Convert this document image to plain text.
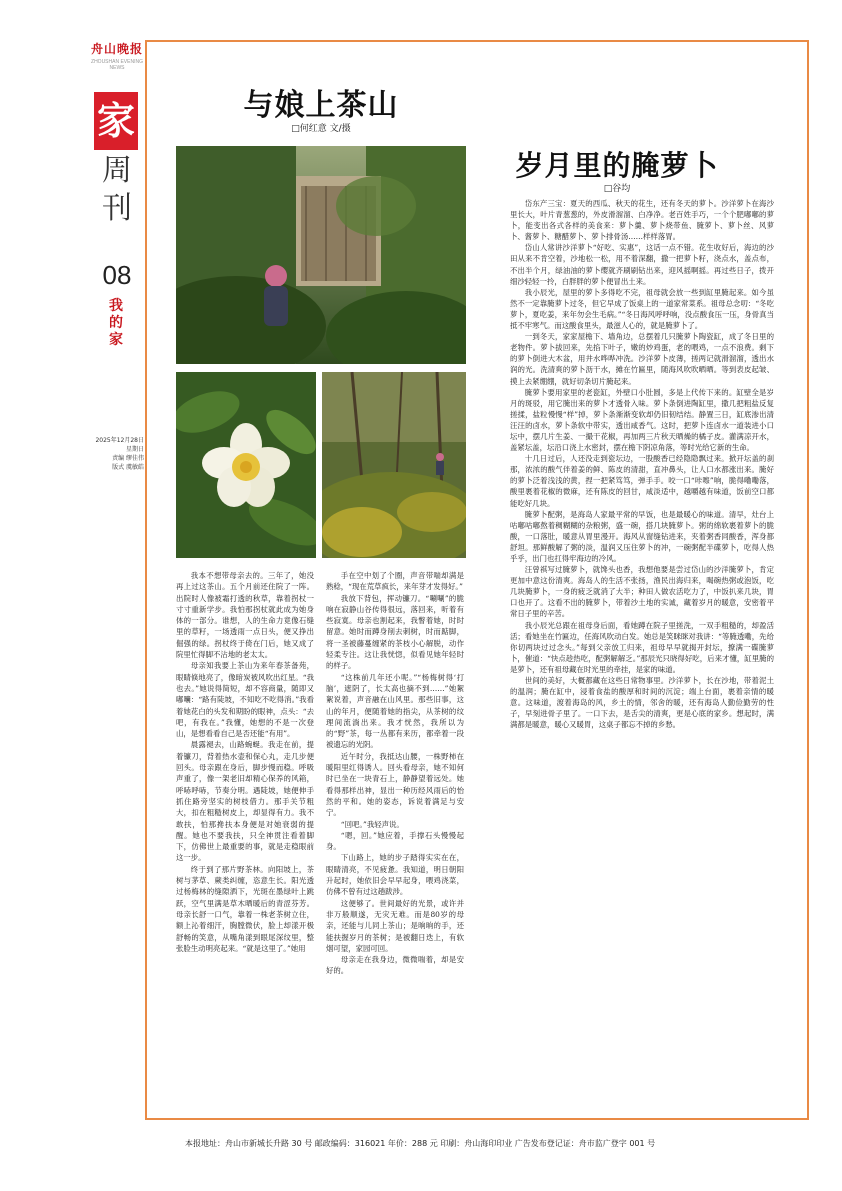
舟山晚报
ZHOUSHAN EVENING NEWS
家
周
刊
08
我
的
家
2025年12月28日
星期日
责编 缪佳伟
版式 虞敏皓
与娘上茶山
□何红意 文/摄

我本不想带母亲去的。三年了，她没再上过这茶山。五个月前还住院了一阵。出院时人像被霜打透的秋草，靠着拐杖一寸寸重新学步。我怕那拐杖就此成为她身体的一部分。谁想，人的生命力竟像石缝里的草籽，一场透雨一点日头，便又挣出倔强的绿。拐杖终于倚在门后，她又成了院里忙得脚不沾地的老太太。

母亲知我要上茶山为来年春茶备苑，眼睛倏地亮了，像暗炭被风吹出红星。“我也去。”她说得简短，却不容商量，随即又嘟囔：“路有陡坡，不知吃不吃得消。”我看着她花白的头发和期盼的眼神，点头：“去吧，有我在。”我懂，她想的不是一次登山，是想看看自己是否还能“有用”。

晨露褪去，山路蜿蜒。我走在前，提着镰刀，背着热水壶和保心丸，走几步便回头。母亲跟在身后，脚步慢而稳。呼吸声重了，像一架老旧却精心保养的风箱，呼哧呼哧，节奏分明。遇陡坡，她便伸手抓住路旁坚实的树枝借力。那手关节粗大，扣在粗糙树皮上，却显得有力。我不敢扶，怕那搀扶本身便是对她衰弱的提醒。她也不要我扶，只全神贯注看着脚下，仿佛世上最重要的事，就是走稳眼前这一步。

终于到了那片野茶林。向阳坡上，茶树与茅草、蕨类纠缠，恣意生长。阳光透过杨梅林的缝隙洒下，光斑在墨绿叶上跳跃，空气里满是草木晒暖后的青涩芬芳。母亲长舒一口气，靠着一株老茶树立住，额上沁着细汗，胸膛微伏，脸上却漾开极舒畅的笑意，从嘴角漾到眼尾深纹里，整张脸生动明亮起来。“就是这里了。”她用

手在空中划了个圈，声音带喘却满是熟稔，“现在荒草疯长，来年芽才发得好。”

我放下背包，挥动镰刀。“唰唰”的脆响在寂静山谷传得很远，落回来，听着有些寂寞。母亲也割起来，我瞥着她，时时留意。她时而蹲身削去刺树，时而踮脚，将一圣被藤蔓缠紧的茶枝小心解脱，动作轻柔专注。这让我恍惚，似看见她年轻时的样子。

“这株前几年还小呢。”“杨梅树得‘打脑’，遮阴了，长太高也摘不到……”她絮絮说着，声音融在山风里。那些旧事，这山的年月，便随着她的指尖，从茶树的纹理间流淌出来。我才恍然，我所以为的“野”茶，每一丛都有来历，都牵着一段被遗忘的光阴。

近午时分，我抵达山腰，一株野柿在暖阳里红得诱人。回头看母亲，她不知何时已坐在一块青石上，静静望着远处。她看得那样出神，显出一种历经风雨后的怡然的平和。她的姿态，诉说着满足与安宁。

“回吧。”我轻声说。

“嗯，回。”她应着，手撑石头慢慢起身。

下山路上，她的步子踏得实实在在，眼睛清亮，不见疲惫。我知道，明日朝阳升起时，她依旧会早早起身，喂鸡浇菜，仿佛不曾有过这趟跋涉。

这便够了。世间最好的光景，或许并非万般顺遂，无灾无难。而是80岁的母亲，还能与儿同上茶山；是晌晌的手，还能扶握岁月的茶树；是被翻日迭上，有软烟可望，家园可回。

母亲走在我身边，微微喘着，却是安好的。

岁月里的腌萝卜
□谷均

岱东产三宝：夏天的西瓜、秋天的花生，还有冬天的萝卜。沙洋萝卜在海沙里长大，叶片青葱葱的，外皮滑溜溜、白净净。老百姓手巧，一个个肥嘟嘟的萝卜，能变出各式各样的美食来：萝卜羹、萝卜烧带鱼、腌萝卜、萝卜丝、风萝卜、酱萝卜、糖醋萝卜、萝卜排骨汤……样样落胃。

岱山人常讲沙洋萝卜“好吃、实惠”，这话一点不错。花生收好后，海边的沙田从来不肯空着，沙地松一松，用不着深翻，撒一把萝卜籽，浇点水，盖点布，不出半个月，绿油油的萝卜缨就齐刷刷钻出来，迎风摇啊摇。再过些日子，拨开细沙轻轻一拎，白胖胖的萝卜便冒出土来。

我小辰光，屋里的萝卜多得吃不完，祖母就会放一些到缸里腌起来。如今虽然不一定靠腌萝卜过冬，但它早成了饭桌上的一道家常菜系。祖母总念叨：“冬吃萝卜，夏吃姜，来年勿会生毛病。”“冬日海风呼呼响，没点酸食压一压，身骨真当抵不牢寒气。而这酸食里头，最滋人心的，就是腌萝卜了。

一到冬天，家家屋檐下、墙角边，总摆着几只腌萝卜陶瓷缸，成了冬日里的老物件。萝卜拔回来，先掐下叶子，嫩的炒鸡蛋，老的喂鸡，一点不浪费。剩下的萝卜倒进大木盆，用井水哗哗冲洗。沙洋萝卜皮薄，搓两记就滑溜溜，透出水润的光。洗清爽的萝卜沥干水，摊在竹匾里，随海风吹吹晒晒。等到表皮起皱、摸上去紧绷绷，就好切条切片腌起来。

腌萝卜要用家里的老瓷缸，外壁口小肚圆，多是上代传下来的。缸壁全是岁月的斑驳，用它腌出来的萝卜才透骨入味。萝卜条倒进陶缸里，撒几把粗盐反复搓揉，盐粒慢慢“样”掉，萝卜条渐渐变软却仍旧韧结结。静置三日，缸底渗出清汪汪的卤水，萝卜条软中带实，透出咸香气。这时，把萝卜连卤水一道装进小口坛中，摆几片生姜、一撮干花椒，再加两三片秋天晒燥的橘子皮。灌满凉开水，盖紧坛盖，坛沿口浇上水密封，摆在檐下阴凉角落，等时光给它新的生命。

十几日过后，人还没走到瓷坛边，一股酸香已经隐隐飘过来。掀开坛盖的刹那，浓浓的酸气伴着姜的鲜、陈皮的清甜，直冲鼻头，让人口水都涨出来。腌好的萝卜泛着浅浅的黄，捏一把紧笃笃，弹手手。咬一口“咔嚓”响，脆得嘞嘞落，酸里裹着花椒的微麻，还有陈皮的回甘，咸淡适中，越嚼越有味道，饭前空口都能吃好几块。

腌萝卜配粥，是海岛人家最平常的早饭，也是最暖心的味道。清早，灶台上咕嘟咕嘟熬着稠糊糊的杂粮粥，盛一碗，搭几块腌萝卜。粥的绵软裹着萝卜的脆酸，一口落肚，暖意从胃里漫开。海风从窗缝钻进来，夹着粥香同酸香，浑身都舒坦。那鲜酸解了粥的淡，温润又压住萝卜的冲，一碗粥配半碟萝卜，吃得人热乎乎，出门也扛得牢海边的冷风。

汪曾祺写过腌萝卜，就馋头也香，我想他要是尝过岱山的沙洋腌萝卜，肯定更加中意这份清爽。海岛人的生活不张扬，渔民出海归来，喝碗热粥或泡饭，吃几块腌萝卜，一身的疲乏就消了大半；种田人做农活吃力了，中饭扒来几块，胃口也开了。这看不出的腌萝卜，带着沙土地的实诚，藏着岁月的暖意，安密着平常日子里的辛苦。

我小辰光总跟在祖母身后面，看她蹲在院子里搓洗，一双手粗糙的，却盈活活；看她坐在竹匾边，任海风吹动白发。她总是笑眯眯对我讲：“等腌透嘞，先给你切两块过过念头。”每到父亲放工归来，祖母早早就揭开封坛，撩满一碟腌萝卜，催道：“快点趁热吃，配粥解解乏。”那辰光只晓得好吃，后来才懂，缸里腌的是萝卜，还有祖母藏在时光里的牵挂，是家的味道。

世间的美好，大概都藏在这些日常物事里。沙洋萝卜，长在沙地，带着泥土的温润；腌在缸中，浸着食盐的酸厚和时间的沉淀；端上台面，裹着亲情的暖意。这味道，渡着海岛的风，乡土的情，邻舍的暖，还有海岛人勤俭勤劳的性子，早刻进骨子里了。一口下去，是舌尖的清爽，更是心底的家乡。想起时，满满都是暖意，暖心又暖胃，这桌子都忘不掉的乡愁。

本报地址：舟山市新城长升路 30 号 邮政编码：316021 年价：288 元 印刷：舟山海印印业 广告发布登记证：舟市监广登字 001 号
